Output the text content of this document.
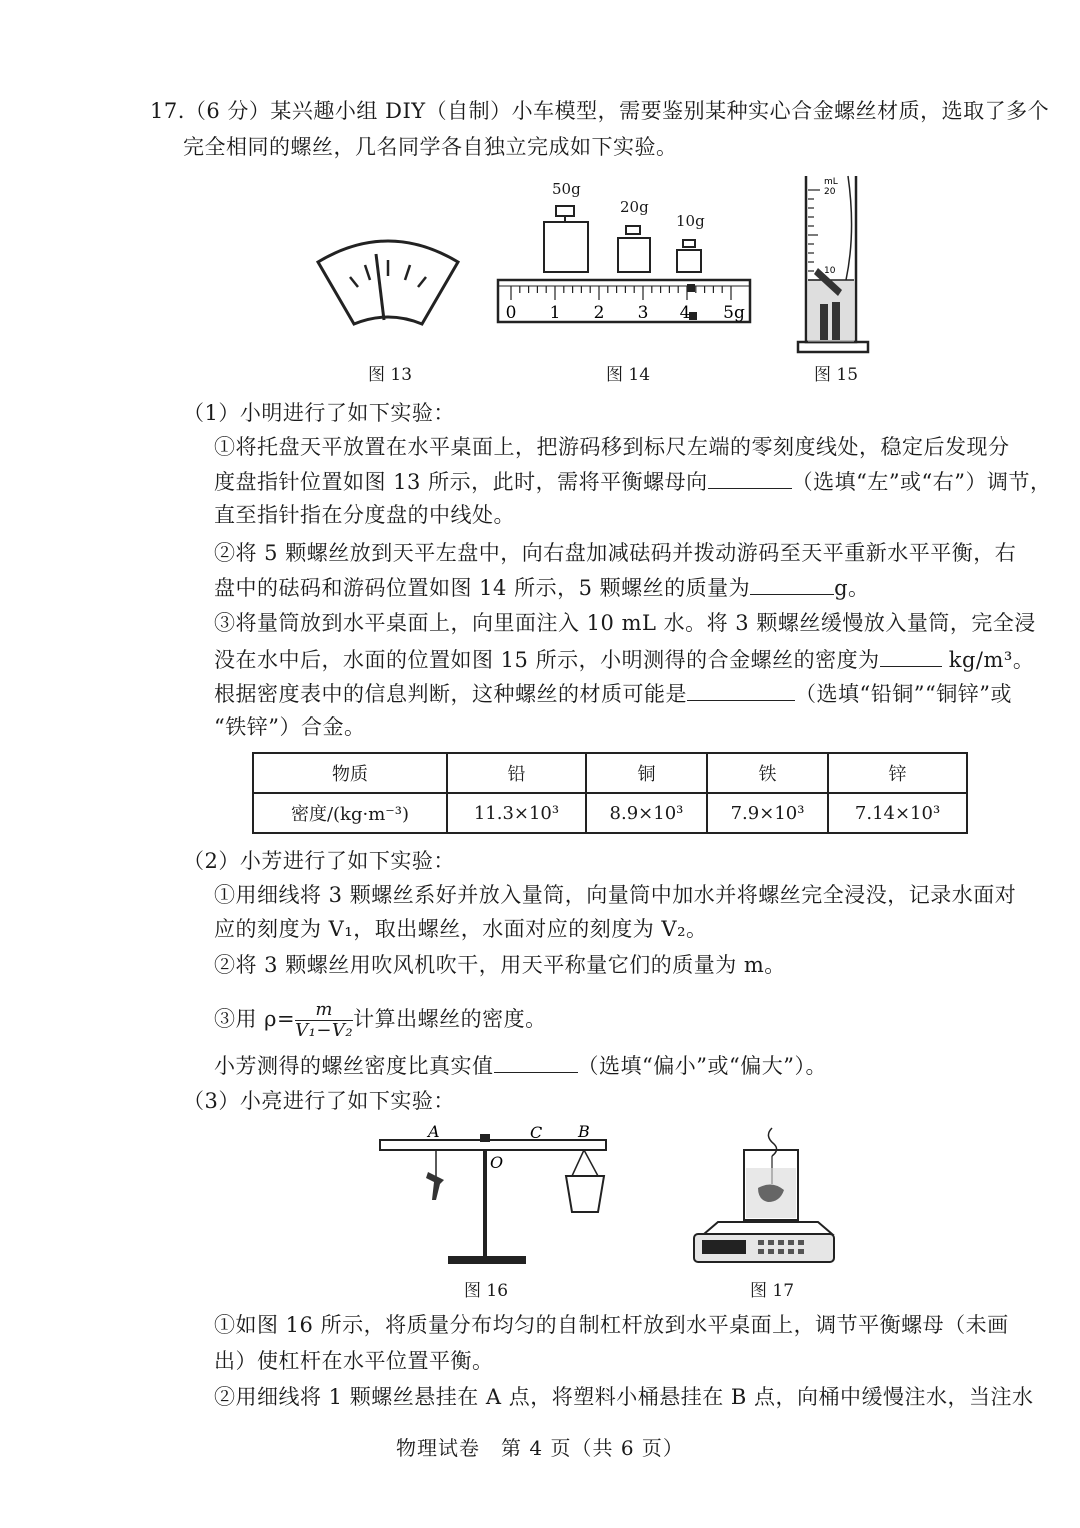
17.（6 分）某兴趣小组 DIY（自制）小车模型，需要鉴别某种实心合金螺丝材质，选取了多个
完全相同的螺丝，几名同学各自独立完成如下实验。
图 13
50g
20g
10g
0 1 2 3 4 5g
图 14
mL
20
10
图 15
（1）小明进行了如下实验：
①将托盘天平放置在水平桌面上，把游码移到标尺左端的零刻度线处，稳定后发现分
度盘指针位置如图 13 所示，此时，需将平衡螺母向	（选填“左”或“右”）调节，
直至指针指在分度盘的中线处。
②将 5 颗螺丝放到天平左盘中，向右盘加减砝码并拨动游码至天平重新水平平衡，右
盘中的砝码和游码位置如图 14 所示，5 颗螺丝的质量为	g。
③将量筒放到水平桌面上，向里面注入 10 mL 水。将 3 颗螺丝缓慢放入量筒，完全浸
没在水中后，水面的位置如图 15 所示，小明测得的合金螺丝的密度为	kg/m³。
根据密度表中的信息判断，这种螺丝的材质可能是	（选填“铅铜”“铜锌”或
“铁锌”）合金。
物质	铅	铜	铁	锌
密度/(kg·m⁻³)	11.3×10³	8.9×10³	7.9×10³	7.14×10³
（2）小芳进行了如下实验：
①用细线将 3 颗螺丝系好并放入量筒，向量筒中加水并将螺丝完全浸没，记录水面对
应的刻度为 V₁，取出螺丝，水面对应的刻度为 V₂。
②将 3 颗螺丝用吹风机吹干，用天平称量它们的质量为 m。
③用 $\rho= \frac{m}{\text{V₁−V₂}}$ 计算出螺丝的密度。
小芳测得的螺丝密度比真实值	（选填“偏小”或“偏大”）。
（3）小亮进行了如下实验：
A	C B
O
图 16	图 17
①如图 16 所示，将质量分布均匀的自制杠杆放到水平桌面上，调节平衡螺母（未画
出）使杠杆在水平位置平衡。
②用细线将 1 颗螺丝悬挂在 A 点，将塑料小桶悬挂在 B 点，向桶中缓慢注水，当注水
物理试卷　第 4 页（共 6 页）
